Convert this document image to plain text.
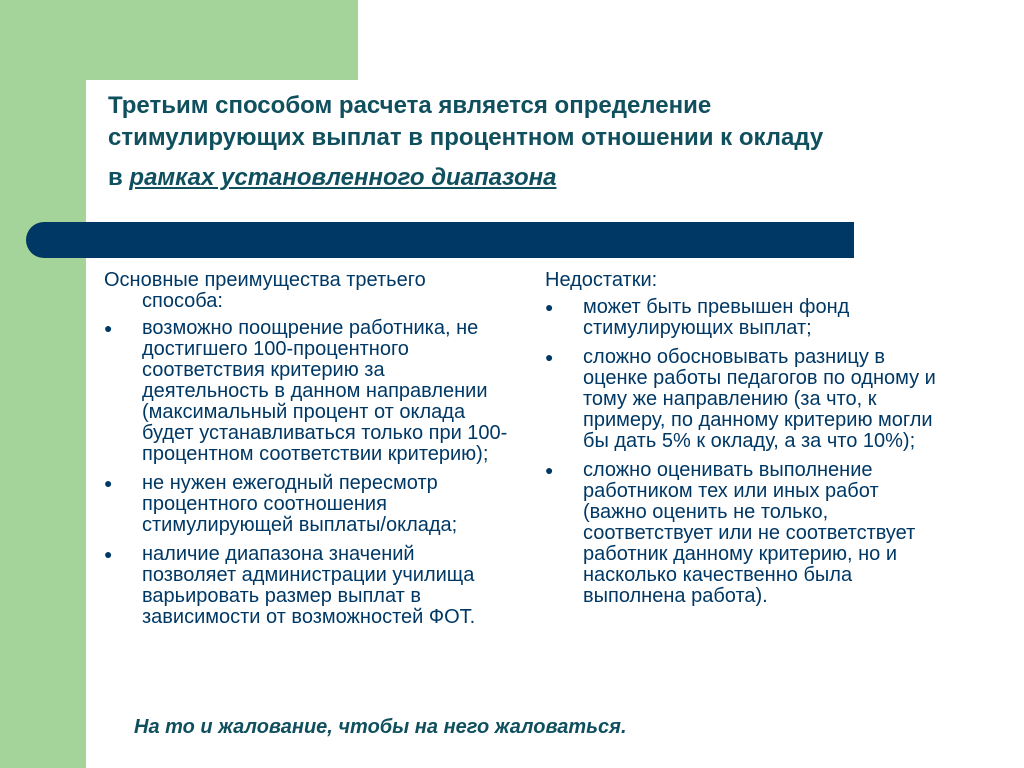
Третьим способом расчета является определение
стимулирующих выплат в процентном отношении к окладу
в рамках установленного диапазона
Основные преимущества третьего
способа:
● возможно поощрение работника, не достигшего 100-процентного соответствия критерию за деятельность в данном направлении (максимальный процент от оклада будет устанавливаться только при 100-процентном соответствии критерию);
● не нужен ежегодный пересмотр процентного соотношения стимулирующей выплаты/оклада;
● наличие диапазона значений позволяет администрации училища варьировать размер выплат в зависимости от возможностей ФОТ.
Недостатки:
● может быть превышен фонд стимулирующих выплат;
● сложно обосновывать разницу в оценке работы педагогов по одному и тому же направлению (за что, к примеру, по данному критерию могли бы дать 5% к окладу, а за что 10%);
● сложно оценивать выполнение работником тех или иных работ (важно оценить не только, соответствует или не соответствует работник данному критерию, но и насколько качественно была выполнена работа).
На то и жалование, чтобы на него жаловаться.
